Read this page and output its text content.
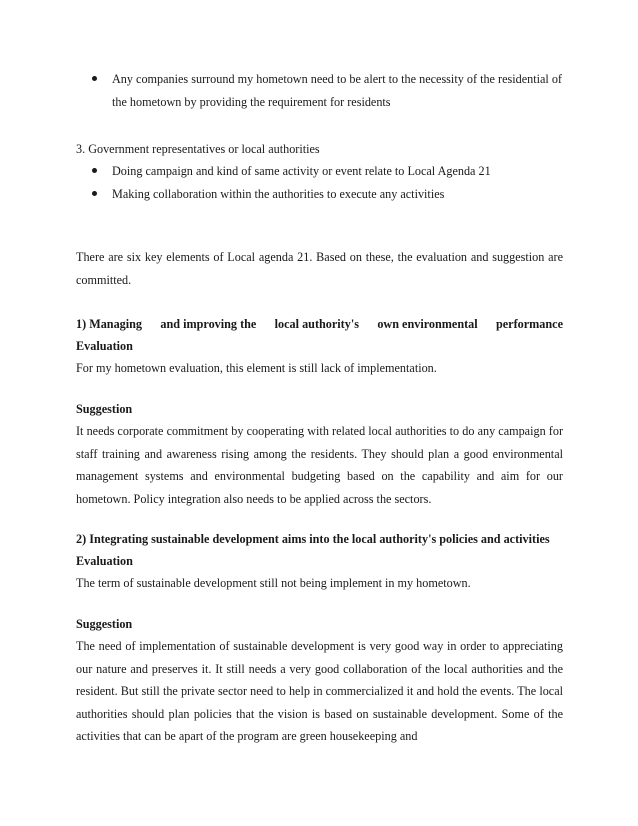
Any companies surround my hometown need to be alert to the necessity of the residential of the hometown by providing the requirement for residents
3. Government representatives or local authorities
Doing campaign and kind of same activity or event relate to Local Agenda 21
Making collaboration within the authorities to execute any activities
There are six key elements of Local agenda 21. Based on these, the evaluation and suggestion are committed.
1) Managing and improving the local authority's own environmental performance
Evaluation
For my hometown evaluation, this element is still lack of implementation.
Suggestion
It needs corporate commitment by cooperating with related local authorities to do any campaign for staff training and awareness rising among the residents. They should plan a good environmental management systems and environmental budgeting based on the capability and aim for our hometown. Policy integration also needs to be applied across the sectors.
2) Integrating sustainable development aims into the local authority's policies and activities
Evaluation
The term of sustainable development still not being implement in my hometown.
Suggestion
The need of implementation of sustainable development is very good way in order to appreciating our nature and preserves it. It still needs a very good collaboration of the local authorities and the resident. But still the private sector need to help in commercialized it and hold the events. The local authorities should plan policies that the vision is based on sustainable development. Some of the activities that can be apart of the program are green housekeeping and
